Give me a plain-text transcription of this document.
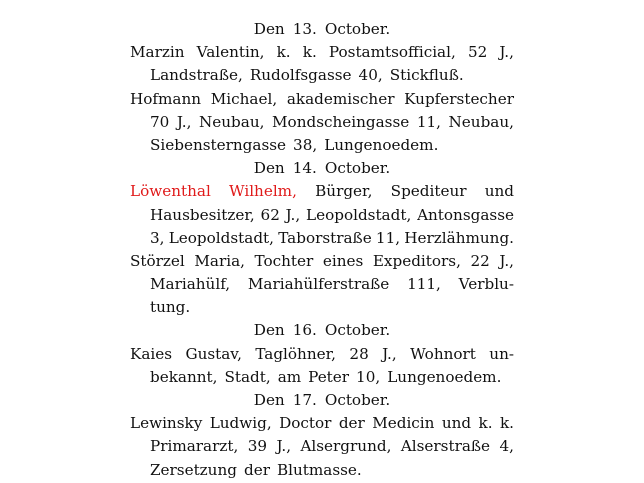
Den 13. October.
Marzin Valentin, k. k. Postamtsofficial, 52 J.,
Landstraße, Rudolfsgasse 40, Stickfluß.
Hofmann Michael, akademischer Kupferstecher
70 J., Neubau, Mondscheingasse 11, Neubau,
Siebensterngasse 38, Lungenoedem.
Den 14. October.
Löwenthal Wilhelm, Bürger, Spediteur und
Hausbesitzer, 62 J., Leopoldstadt, Antonsgasse
3, Leopoldstadt, Taborstraße 11, Herzlähmung.
Störzel Maria, Tochter eines Expeditors, 22 J.,
Mariahülf, Mariahülferstraße 111, Verblu-
tung.
Den 16. October.
Kaies Gustav, Taglöhner, 28 J., Wohnort un-
bekannt, Stadt, am Peter 10, Lungenoedem.
Den 17. October.
Lewinsky Ludwig, Doctor der Medicin und k. k.
Primararzt, 39 J., Alsergrund, Alserstraße 4,
Zersetzung der Blutmasse.
